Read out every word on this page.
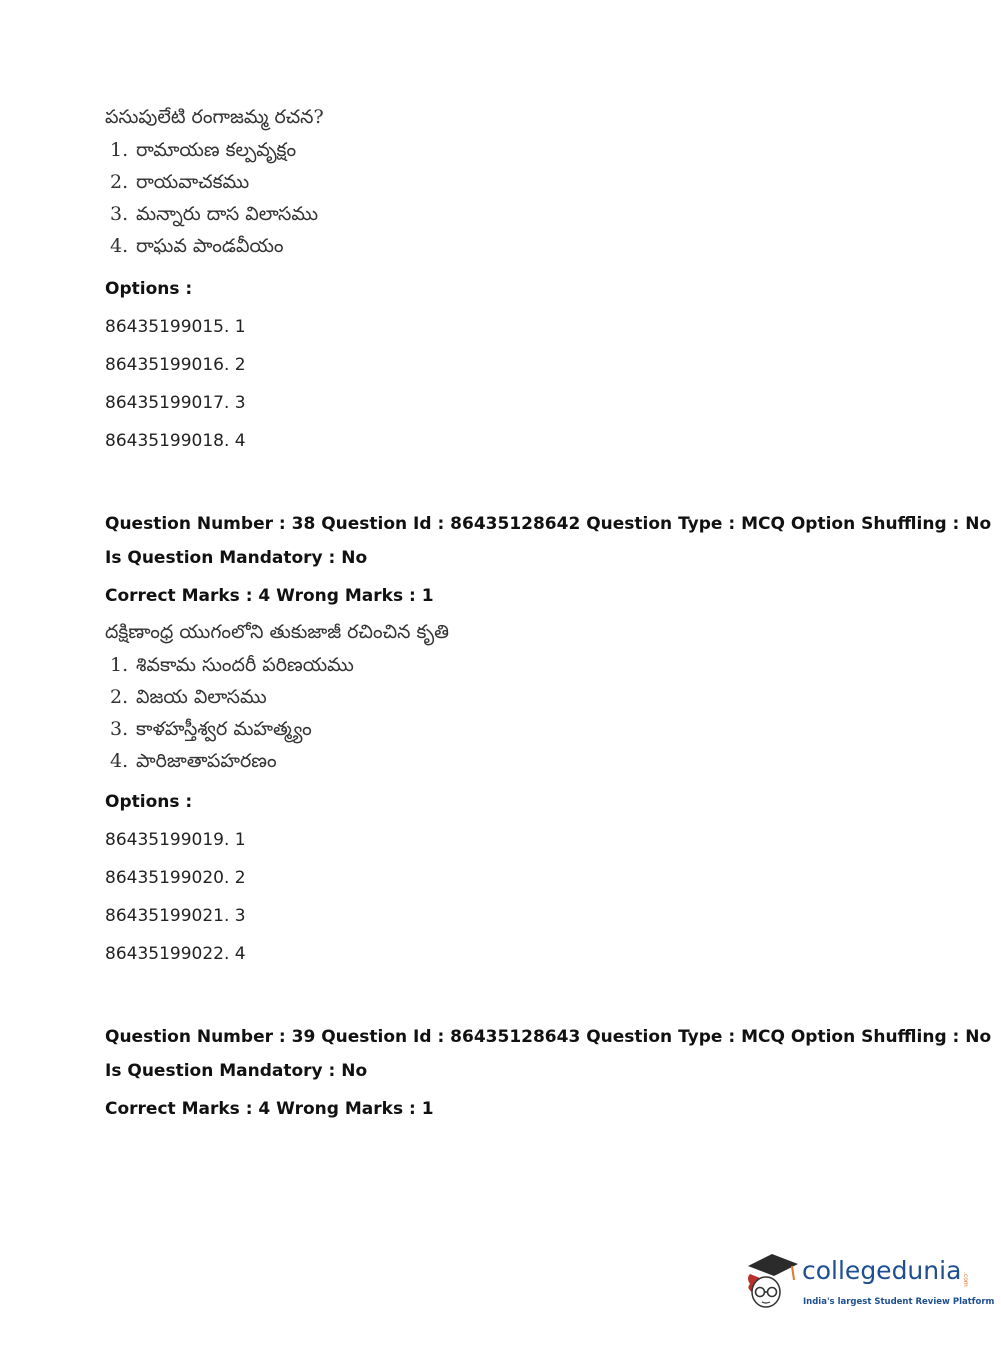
పసుపులేటి రంగాజమ్మ రచన?
1. రామాయణ కల్పవృక్షం
2. రాయవాచకము
3. మన్నారు దాస విలాసము
4. రాఘవ పాండవీయం
Options :
86435199015. 1
86435199016. 2
86435199017. 3
86435199018. 4
Question Number : 38 Question Id : 86435128642 Question Type : MCQ Option Shuffling : No
Is Question Mandatory : No
Correct Marks : 4 Wrong Marks : 1
దక్షిణాంధ్ర యుగంలోని తుకుజాజీ రచించిన కృతి
1. శివకామ సుందరీ పరిణయము
2. విజయ విలాసము
3. కాళహస్తీశ్వర మహత్మ్యం
4. పారిజాతాపహరణం
Options :
86435199019. 1
86435199020. 2
86435199021. 3
86435199022. 4
Question Number : 39 Question Id : 86435128643 Question Type : MCQ Option Shuffling : No
Is Question Mandatory : No
Correct Marks : 4 Wrong Marks : 1
collegedunia .com
India's largest Student Review Platform
